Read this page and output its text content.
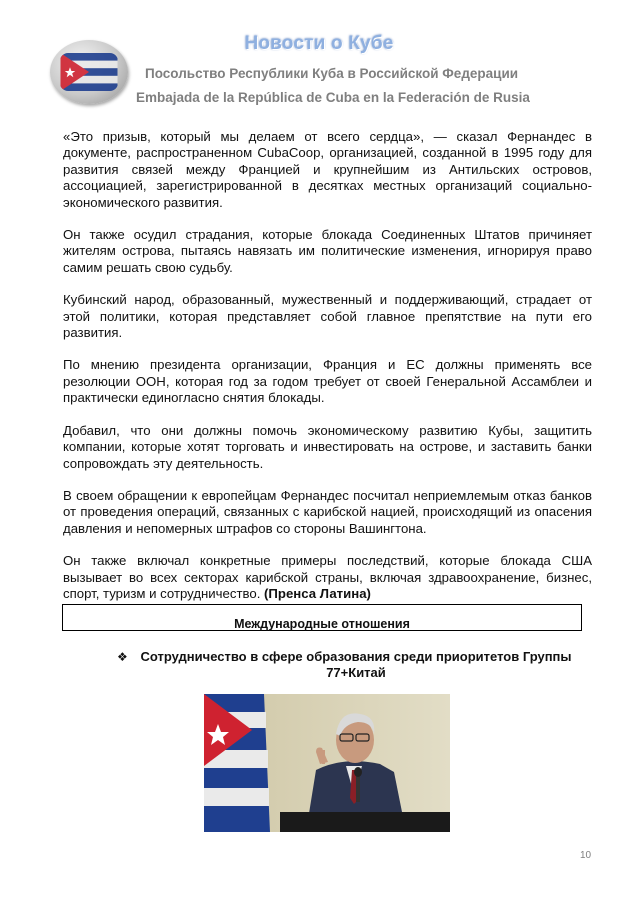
Новости о Кубе
Посольство Республики Куба в Российской Федерации
Embajada de la República de Cuba en la Federación de Rusia

«Это призыв, который мы делаем от всего сердца», — сказал Фернандес в документе, распространенном CubaCoop, организацией, созданной в 1995 году для развития связей между Францией и крупнейшим из Антильских островов, ассоциацией, зарегистрированной в десятках местных организаций социально-экономического развития.

Он также осудил страдания, которые блокада Соединенных Штатов причиняет жителям острова, пытаясь навязать им политические изменения, игнорируя право самим решать свою судьбу.

Кубинский народ, образованный, мужественный и поддерживающий, страдает от этой политики, которая представляет собой главное препятствие на пути его развития.

По мнению президента организации, Франция и ЕС должны применять все резолюции ООН, которая год за годом требует от своей Генеральной Ассамблеи и практически единогласно снятия блокады.

Добавил, что они должны помочь экономическому развитию Кубы, защитить компании, которые хотят торговать и инвестировать на острове, и заставить банки сопровождать эту деятельность.

В своем обращении к европейцам Фернандес посчитал неприемлемым отказ банков от проведения операций, связанных с карибской нацией, происходящий из опасения давления и непомерных штрафов со стороны Вашингтона.

Он также включал конкретные примеры последствий, которые блокада США вызывает во всех секторах карибской страны, включая здравоохранение, бизнес, спорт, туризм и сотрудничество. (Пренса Латина)

Международные отношения
❖ Сотрудничество в сфере образования среди приоритетов Группы 77+Китай
10
